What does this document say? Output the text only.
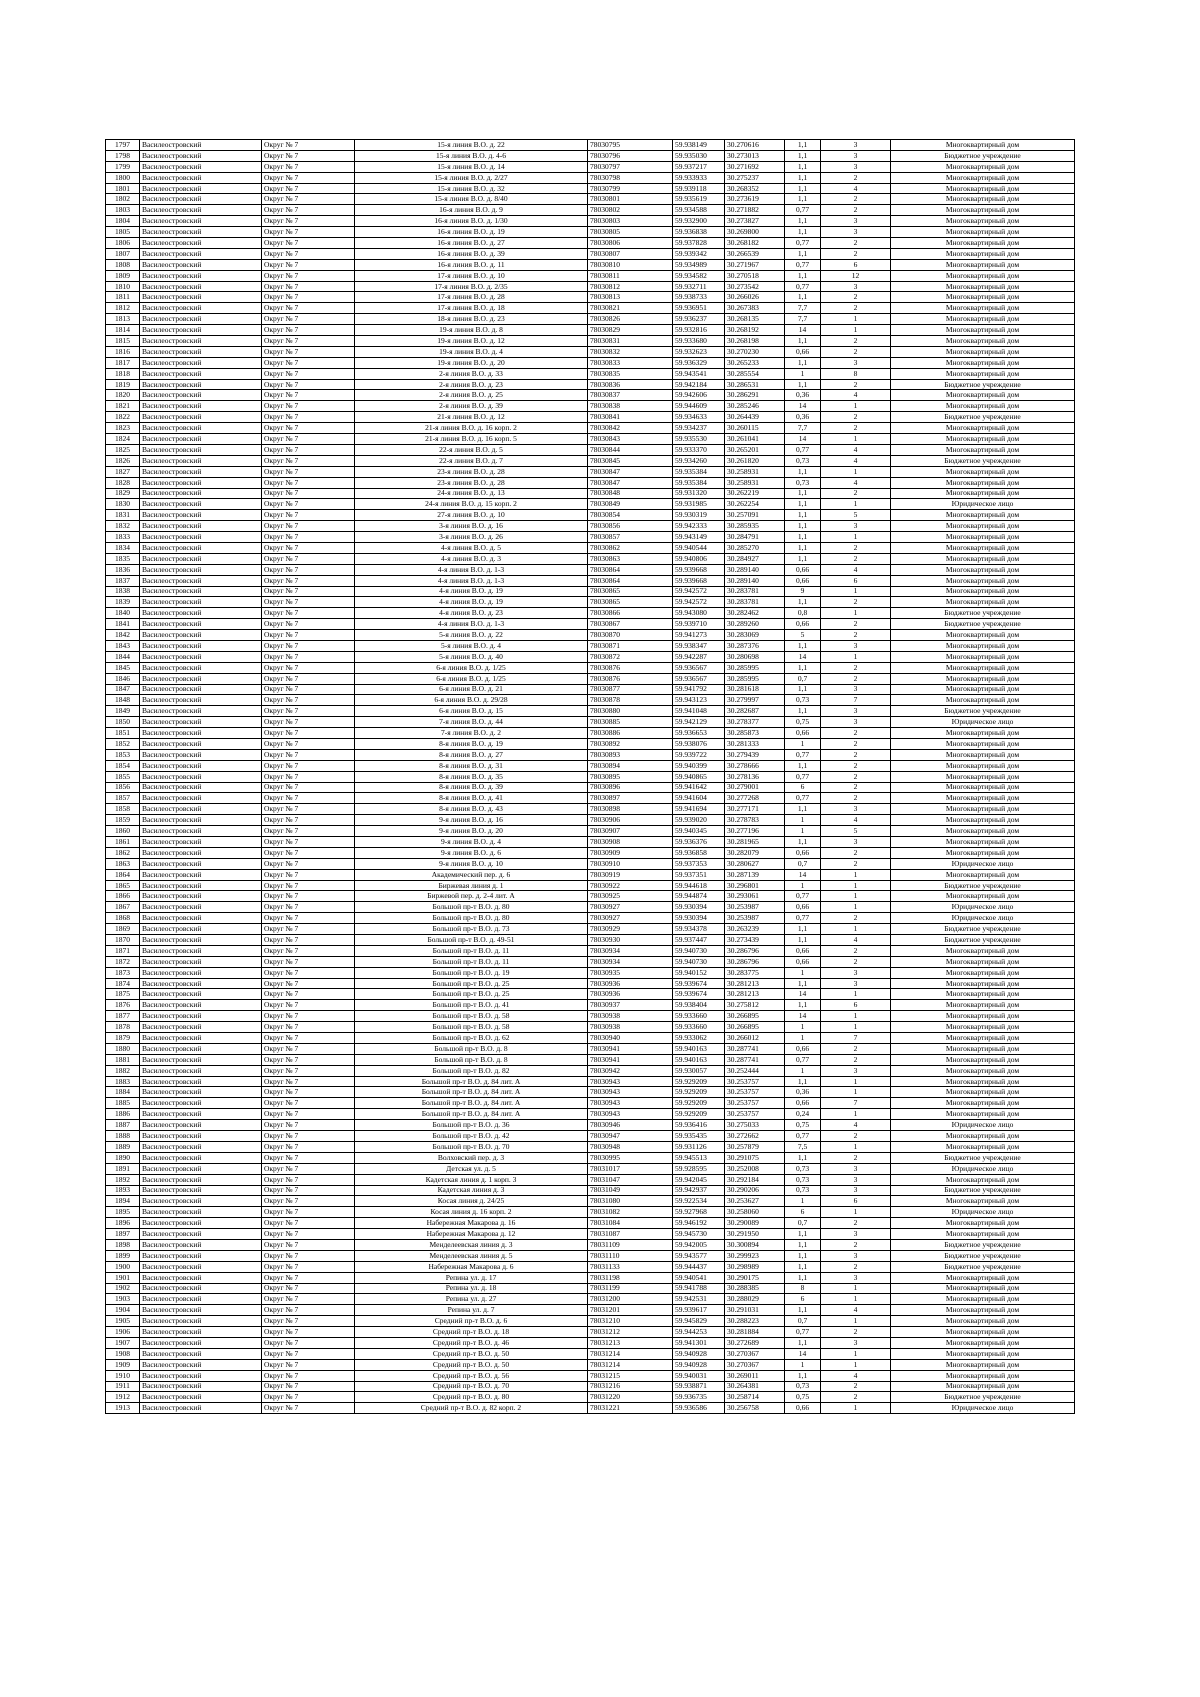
1797	Василеостровский	Округ № 7	15-я линия В.О. д. 22	78030795	59.938149	30.270616	1,1	3	Многоквартирный дом
1798	Василеостровский	Округ № 7	15-я линия В.О. д. 4-6	78030796	59.935030	30.273013	1,1	3	Бюджетное учреждение
1799	Василеостровский	Округ № 7	15-я линия В.О. д. 14	78030797	59.937217	30.271692	1,1	3	Многоквартирный дом
1800	Василеостровский	Округ № 7	15-я линия В.О. д. 2/27	78030798	59.933933	30.275237	1,1	2	Многоквартирный дом
1801	Василеостровский	Округ № 7	15-я линия В.О. д. 32	78030799	59.939118	30.268352	1,1	4	Многоквартирный дом
1802	Василеостровский	Округ № 7	15-я линия В.О. д. 8/40	78030801	59.935619	30.273619	1,1	2	Многоквартирный дом
1803	Василеостровский	Округ № 7	16-я линия В.О. д. 9	78030802	59.934588	30.271882	0,77	2	Многоквартирный дом
1804	Василеостровский	Округ № 7	16-я линия В.О. д. 1/30	78030803	59.932900	30.273827	1,1	3	Многоквартирный дом
1805	Василеостровский	Округ № 7	16-я линия В.О. д. 19	78030805	59.936838	30.269800	1,1	3	Многоквартирный дом
1806	Василеостровский	Округ № 7	16-я линия В.О. д. 27	78030806	59.937828	30.268182	0,77	2	Многоквартирный дом
1807	Василеостровский	Округ № 7	16-я линия В.О. д. 39	78030807	59.939342	30.266539	1,1	2	Многоквартирный дом
1808	Василеостровский	Округ № 7	16-я линия В.О. д. 11	78030810	59.934989	30.271967	0,77	6	Многоквартирный дом
1809	Василеостровский	Округ № 7	17-я линия В.О. д. 10	78030811	59.934582	30.270518	1,1	12	Многоквартирный дом
1810	Василеостровский	Округ № 7	17-я линия В.О. д. 2/35	78030812	59.932711	30.273542	0,77	3	Многоквартирный дом
1811	Василеостровский	Округ № 7	17-я линия В.О. д. 28	78030813	59.938733	30.266026	1,1	2	Многоквартирный дом
1812	Василеостровский	Округ № 7	17-я линия В.О. д. 18	78030821	59.936951	30.267383	7,7	2	Многоквартирный дом
1813	Василеостровский	Округ № 7	18-я линия В.О. д. 23	78030826	59.936237	30.268135	7,7	1	Многоквартирный дом
1814	Василеостровский	Округ № 7	19-я линия В.О. д. 8	78030829	59.932816	30.268192	14	1	Многоквартирный дом
1815	Василеостровский	Округ № 7	19-я линия В.О. д. 12	78030831	59.933680	30.268198	1,1	2	Многоквартирный дом
1816	Василеостровский	Округ № 7	19-я линия В.О. д. 4	78030832	59.932623	30.270230	0,66	2	Многоквартирный дом
1817	Василеостровский	Округ № 7	19-я линия В.О. д. 20	78030833	59.936329	30.265233	1,1	3	Многоквартирный дом
1818	Василеостровский	Округ № 7	2-я линия В.О. д. 33	78030835	59.943541	30.285554	1	8	Многоквартирный дом
1819	Василеостровский	Округ № 7	2-я линия В.О. д. 23	78030836	59.942184	30.286531	1,1	2	Бюджетное учреждение
1820	Василеостровский	Округ № 7	2-я линия В.О. д. 25	78030837	59.942606	30.286291	0,36	4	Многоквартирный дом
1821	Василеостровский	Округ № 7	2-я линия В.О. д. 39	78030838	59.944609	30.285246	14	1	Многоквартирный дом
1822	Василеостровский	Округ № 7	21-я линия В.О. д. 12	78030841	59.934633	30.264439	0,36	2	Бюджетное учреждение
1823	Василеостровский	Округ № 7	21-я линия В.О. д. 16 корп. 2	78030842	59.934237	30.260115	7,7	2	Многоквартирный дом
1824	Василеостровский	Округ № 7	21-я линия В.О. д. 16 корп. 5	78030843	59.935530	30.261041	14	1	Многоквартирный дом
1825	Василеостровский	Округ № 7	22-я линия В.О. д. 5	78030844	59.933370	30.265201	0,77	4	Многоквартирный дом
1826	Василеостровский	Округ № 7	22-я линия В.О. д. 7	78030845	59.934260	30.261820	0,73	4	Бюджетное учреждение
1827	Василеостровский	Округ № 7	23-я линия В.О. д. 28	78030847	59.935384	30.258931	1,1	1	Многоквартирный дом
1828	Василеостровский	Округ № 7	23-я линия В.О. д. 28	78030847	59.935384	30.258931	0,73	4	Многоквартирный дом
1829	Василеостровский	Округ № 7	24-я линия В.О. д. 13	78030848	59.931320	30.262219	1,1	2	Многоквартирный дом
1830	Василеостровский	Округ № 7	24-я линия В.О. д. 15 корп. 2	78030849	59.931985	30.262254	1,1	1	Юридическое лицо
1831	Василеостровский	Округ № 7	27-я линия В.О. д. 10	78030854	59.930319	30.257091	1,1	5	Многоквартирный дом
1832	Василеостровский	Округ № 7	3-я линия В.О. д. 16	78030856	59.942333	30.285935	1,1	3	Многоквартирный дом
1833	Василеостровский	Округ № 7	3-я линия В.О. д. 26	78030857	59.943149	30.284791	1,1	1	Многоквартирный дом
1834	Василеостровский	Округ № 7	4-я линия В.О. д. 5	78030862	59.940544	30.285270	1,1	2	Многоквартирный дом
1835	Василеостровский	Округ № 7	4-я линия В.О. д. 3	78030863	59.940806	30.284927	1,1	2	Многоквартирный дом
1836	Василеостровский	Округ № 7	4-я линия В.О. д. 1-3	78030864	59.939668	30.289140	0,66	4	Многоквартирный дом
1837	Василеостровский	Округ № 7	4-я линия В.О. д. 1-3	78030864	59.939668	30.289140	0,66	6	Многоквартирный дом
1838	Василеостровский	Округ № 7	4-я линия В.О. д. 19	78030865	59.942572	30.283781	9	1	Многоквартирный дом
1839	Василеостровский	Округ № 7	4-я линия В.О. д. 19	78030865	59.942572	30.283781	1,1	2	Многоквартирный дом
1840	Василеостровский	Округ № 7	4-я линия В.О. д. 23	78030866	59.943080	30.282462	0,8	1	Бюджетное учреждение
1841	Василеостровский	Округ № 7	4-я линия В.О. д. 1-3	78030867	59.939710	30.289260	0,66	2	Бюджетное учреждение
1842	Василеостровский	Округ № 7	5-я линия В.О. д. 22	78030870	59.941273	30.283069	5	2	Многоквартирный дом
1843	Василеостровский	Округ № 7	5-я линия В.О. д. 4	78030871	59.938347	30.287376	1,1	3	Многоквартирный дом
1844	Василеостровский	Округ № 7	5-я линия В.О. д. 40	78030872	59.942287	30.280698	14	1	Многоквартирный дом
1845	Василеостровский	Округ № 7	6-я линия В.О. д. 1/25	78030876	59.936567	30.285995	1,1	2	Многоквартирный дом
1846	Василеостровский	Округ № 7	6-я линия В.О. д. 1/25	78030876	59.936567	30.285995	0,7	2	Многоквартирный дом
1847	Василеостровский	Округ № 7	6-я линия В.О. д. 21	78030877	59.941792	30.281618	1,1	3	Многоквартирный дом
1848	Василеостровский	Округ № 7	6-я линия В.О. д. 29/28	78030878	59.943123	30.279997	0,73	7	Многоквартирный дом
1849	Василеостровский	Округ № 7	6-я линия В.О. д. 15	78030880	59.941048	30.282687	1,1	3	Бюджетное учреждение
1850	Василеостровский	Округ № 7	7-я линия В.О. д. 44	78030885	59.942129	30.278377	0,75	3	Юридическое лицо
1851	Василеостровский	Округ № 7	7-я линия В.О. д. 2	78030886	59.936653	30.285873	0,66	2	Многоквартирный дом
1852	Василеостровский	Округ № 7	8-я линия В.О. д. 19	78030892	59.938076	30.281333	1	2	Многоквартирный дом
1853	Василеостровский	Округ № 7	8-я линия В.О. д. 27	78030893	59.939722	30.279439	0,77	2	Многоквартирный дом
1854	Василеостровский	Округ № 7	8-я линия В.О. д. 31	78030894	59.940399	30.278666	1,1	2	Многоквартирный дом
1855	Василеостровский	Округ № 7	8-я линия В.О. д. 35	78030895	59.940865	30.278136	0,77	2	Многоквартирный дом
1856	Василеостровский	Округ № 7	8-я линия В.О. д. 39	78030896	59.941642	30.279001	6	2	Многоквартирный дом
1857	Василеостровский	Округ № 7	8-я линия В.О. д. 41	78030897	59.941604	30.277268	0,77	2	Многоквартирный дом
1858	Василеостровский	Округ № 7	8-я линия В.О. д. 43	78030898	59.941694	30.277171	1,1	3	Многоквартирный дом
1859	Василеостровский	Округ № 7	9-я линия В.О. д. 16	78030906	59.939020	30.278783	1	4	Многоквартирный дом
1860	Василеостровский	Округ № 7	9-я линия В.О. д. 20	78030907	59.940345	30.277196	1	5	Многоквартирный дом
1861	Василеостровский	Округ № 7	9-я линия В.О. д. 4	78030908	59.936376	30.281965	1,1	3	Многоквартирный дом
1862	Василеостровский	Округ № 7	9-я линия В.О. д. 6	78030909	59.936858	30.282079	0,66	2	Многоквартирный дом
1863	Василеостровский	Округ № 7	9-я линия В.О. д. 10	78030910	59.937353	30.280627	0,7	2	Юридическое лицо
1864	Василеостровский	Округ № 7	Академический пер. д. 6	78030919	59.937351	30.287139	14	1	Многоквартирный дом
1865	Василеостровский	Округ № 7	Биржевая линия д. 1	78030922	59.944618	30.296801	1	1	Бюджетное учреждение
1866	Василеостровский	Округ № 7	Биржевой пер. д. 2-4 лит. А	78030925	59.944874	30.293061	0,77	1	Многоквартирный дом
1867	Василеостровский	Округ № 7	Большой пр-т В.О. д. 80	78030927	59.930394	30.253987	0,66	1	Юридическое лицо
1868	Василеостровский	Округ № 7	Большой пр-т В.О. д. 80	78030927	59.930394	30.253987	0,77	2	Юридическое лицо
1869	Василеостровский	Округ № 7	Большой пр-т В.О. д. 73	78030929	59.934378	30.263239	1,1	1	Бюджетное учреждение
1870	Василеостровский	Округ № 7	Большой пр-т В.О. д. 49-51	78030930	59.937447	30.273439	1,1	4	Бюджетное учреждение
1871	Василеостровский	Округ № 7	Большой пр-т В.О. д. 11	78030934	59.940730	30.286796	0,66	2	Многоквартирный дом
1872	Василеостровский	Округ № 7	Большой пр-т В.О. д. 11	78030934	59.940730	30.286796	0,66	2	Многоквартирный дом
1873	Василеостровский	Округ № 7	Большой пр-т В.О. д. 19	78030935	59.940152	30.283775	1	3	Многоквартирный дом
1874	Василеостровский	Округ № 7	Большой пр-т В.О. д. 25	78030936	59.939674	30.281213	1,1	3	Многоквартирный дом
1875	Василеостровский	Округ № 7	Большой пр-т В.О. д. 25	78030936	59.939674	30.281213	14	1	Многоквартирный дом
1876	Василеостровский	Округ № 7	Большой пр-т В.О. д. 41	78030937	59.938404	30.275812	1,1	6	Многоквартирный дом
1877	Василеостровский	Округ № 7	Большой пр-т В.О. д. 58	78030938	59.933660	30.266895	14	1	Многоквартирный дом
1878	Василеостровский	Округ № 7	Большой пр-т В.О. д. 58	78030938	59.933660	30.266895	1	1	Многоквартирный дом
1879	Василеостровский	Округ № 7	Большой пр-т В.О. д. 62	78030940	59.933062	30.266012	1	7	Многоквартирный дом
1880	Василеостровский	Округ № 7	Большой пр-т В.О. д. 8	78030941	59.940163	30.287741	0,66	2	Многоквартирный дом
1881	Василеостровский	Округ № 7	Большой пр-т В.О. д. 8	78030941	59.940163	30.287741	0,77	2	Многоквартирный дом
1882	Василеостровский	Округ № 7	Большой пр-т В.О. д. 82	78030942	59.930057	30.252444	1	3	Многоквартирный дом
1883	Василеостровский	Округ № 7	Большой пр-т В.О. д. 84 лит. А	78030943	59.929209	30.253757	1,1	1	Многоквартирный дом
1884	Василеостровский	Округ № 7	Большой пр-т В.О. д. 84 лит. А	78030943	59.929209	30.253757	0,36	1	Многоквартирный дом
1885	Василеостровский	Округ № 7	Большой пр-т В.О. д. 84 лит. А	78030943	59.929209	30.253757	0,66	7	Многоквартирный дом
1886	Василеостровский	Округ № 7	Большой пр-т В.О. д. 84 лит. А	78030943	59.929209	30.253757	0,24	1	Многоквартирный дом
1887	Василеостровский	Округ № 7	Большой пр-т В.О. д. 36	78030946	59.936416	30.275033	0,75	4	Юридическое лицо
1888	Василеостровский	Округ № 7	Большой пр-т В.О. д. 42	78030947	59.935435	30.272662	0,77	2	Многоквартирный дом
1889	Василеостровский	Округ № 7	Большой пр-т В.О. д. 70	78030948	59.931126	30.257879	7,5	1	Многоквартирный дом
1890	Василеостровский	Округ № 7	Волховский пер. д. 3	78030995	59.945513	30.291075	1,1	2	Бюджетное учреждение
1891	Василеостровский	Округ № 7	Детская ул. д. 5	78031017	59.928595	30.252008	0,73	3	Юридическое лицо
1892	Василеостровский	Округ № 7	Кадетская линия д. 1 корп. 3	78031047	59.942045	30.292184	0,73	3	Многоквартирный дом
1893	Василеостровский	Округ № 7	Кадетская линия д. 3	78031049	59.942937	30.290206	0,73	3	Бюджетное учреждение
1894	Василеостровский	Округ № 7	Косая линия д. 24/25	78031080	59.922534	30.253627	1	6	Многоквартирный дом
1895	Василеостровский	Округ № 7	Косая линия д. 16 корп. 2	78031082	59.927968	30.258060	6	1	Юридическое лицо
1896	Василеостровский	Округ № 7	Набережная Макарова д. 16	78031084	59.946192	30.290089	0,7	2	Многоквартирный дом
1897	Василеостровский	Округ № 7	Набережная Макарова д. 12	78031087	59.945730	30.291950	1,1	3	Многоквартирный дом
1898	Василеостровский	Округ № 7	Менделеевская линия д. 3	78031109	59.942005	30.300894	1,1	2	Бюджетное учреждение
1899	Василеостровский	Округ № 7	Менделеевская линия д. 5	78031110	59.943577	30.299923	1,1	3	Бюджетное учреждение
1900	Василеостровский	Округ № 7	Набережная Макарова д. 6	78031133	59.944437	30.298989	1,1	2	Бюджетное учреждение
1901	Василеостровский	Округ № 7	Репина ул. д. 17	78031198	59.940541	30.290175	1,1	3	Многоквартирный дом
1902	Василеостровский	Округ № 7	Репина ул. д. 18	78031199	59.941788	30.288385	8	1	Многоквартирный дом
1903	Василеостровский	Округ № 7	Репина ул. д. 27	78031200	59.942531	30.288029	6	1	Многоквартирный дом
1904	Василеостровский	Округ № 7	Репина ул. д. 7	78031201	59.939617	30.291031	1,1	4	Многоквартирный дом
1905	Василеостровский	Округ № 7	Средний пр-т В.О. д. 6	78031210	59.945829	30.288223	0,7	1	Многоквартирный дом
1906	Василеостровский	Округ № 7	Средний пр-т В.О. д. 18	78031212	59.944253	30.281884	0,77	2	Многоквартирный дом
1907	Василеостровский	Округ № 7	Средний пр-т В.О. д. 46	78031213	59.941301	30.272689	1,1	3	Многоквартирный дом
1908	Василеостровский	Округ № 7	Средний пр-т В.О. д. 50	78031214	59.940928	30.270367	14	1	Многоквартирный дом
1909	Василеостровский	Округ № 7	Средний пр-т В.О. д. 50	78031214	59.940928	30.270367	1	1	Многоквартирный дом
1910	Василеостровский	Округ № 7	Средний пр-т В.О. д. 56	78031215	59.940031	30.269011	1,1	4	Многоквартирный дом
1911	Василеостровский	Округ № 7	Средний пр-т В.О. д. 70	78031216	59.938871	30.264381	0,73	2	Многоквартирный дом
1912	Василеостровский	Округ № 7	Средний пр-т В.О. д. 80	78031220	59.936735	30.258714	0,75	2	Бюджетное учреждение
1913	Василеостровский	Округ № 7	Средний пр-т В.О. д. 82 корп. 2	78031221	59.936586	30.256758	0,66	1	Юридическое лицо
